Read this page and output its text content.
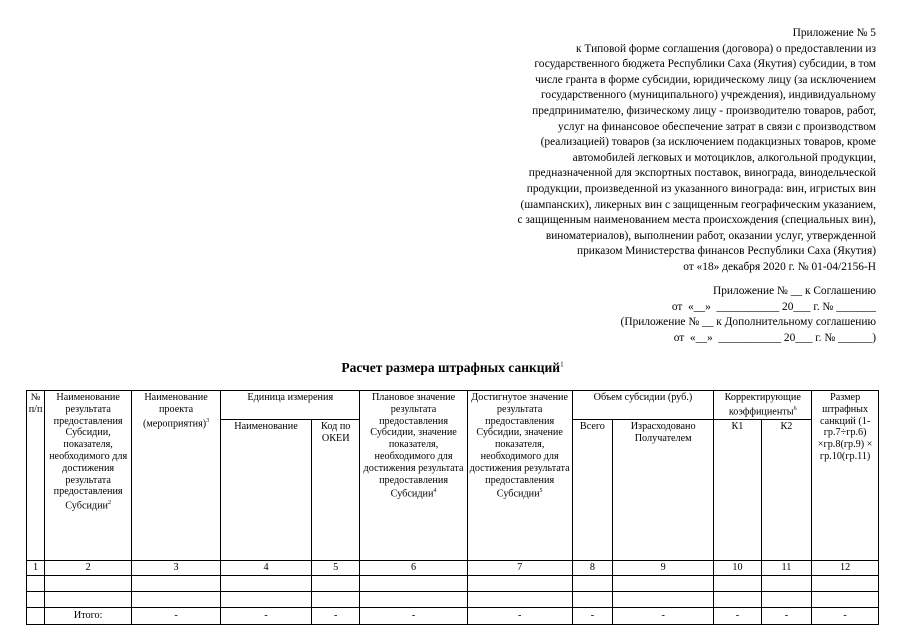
Приложение № 5
к Типовой форме соглашения (договора) о предоставлении из
государственного бюджета Республики Саха (Якутия) субсидии, в том
числе гранта в форме субсидии, юридическому лицу (за исключением
государственного (муниципального) учреждения), индивидуальному
предпринимателю, физическому лицу - производителю товаров, работ,
услуг на финансовое обеспечение затрат в связи с производством
(реализацией) товаров (за исключением подакцизных товаров, кроме
автомобилей легковых и мотоциклов, алкогольной продукции,
предназначенной для экспортных поставок, винограда, винодельческой
продукции, произведенной из указанного винограда: вин, игристых вин
(шампанских), ликерных вин с защищенным географическим указанием,
с защищенным наименованием места происхождения (специальных вин),
виноматериалов), выполнении работ, оказании услуг, утвержденной
приказом Министерства финансов Республики Саха (Якутия)
от «18» декабря 2020 г. № 01-04/2156-Н
Приложение № __ к Соглашению
от  «__»  ___________ 20___ г. № _______
(Приложение № __ к Дополнительному соглашению
от  «__»  ___________ 20___ г. № ______)
Расчет размера штрафных санкций$^1$
№ п/п	Наименование результата предоставления Субсидии, показателя, необходимого для достижения результата предоставления Субсидии$^2$	Наименование проекта (мероприятия)$^3$	Единица измерения		Плановое значение результата предоставления Субсидии, значение показателя, необходимого для достижения результата предоставления Субсидии$^4$	Достигнутое значение результата предоставления Субсидии, значение показателя, необходимого для достижения результата предоставления Субсидии$^5$	Объем субсидии (руб.)		Корректирующие коэффициенты$^6$		Размер штрафных санкций (1-гр.7÷гр.6) ×гр.8(гр.9) × гр.10(гр.11)
			Наименование	Код по ОКЕИ			Всего	Израсходовано Получателем	К1	К2	
1	2	3	4	5	6	7	8	9	10	11	12

	Итого:	-	-	-	-	-	-	-	-	-	-
